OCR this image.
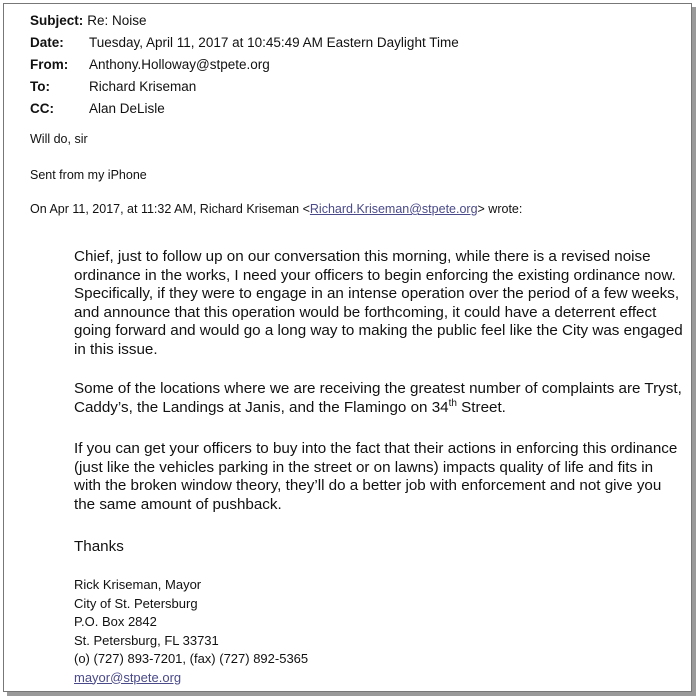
Subject: Re: Noise
Date: Tuesday, April 11, 2017 at 10:45:49 AM Eastern Daylight Time
From: Anthony.Holloway@stpete.org
To:	Richard Kriseman
CC:	Alan DeLisle
Will do, sir
Sent from my iPhone
On Apr 11, 2017, at 11:32 AM, Richard Kriseman <Richard.Kriseman@stpete.org> wrote:

Chief, just to follow up on our conversation this morning, while there is a revised noise ordinance in the works, I need your officers to begin enforcing the existing ordinance now. Specifically, if they were to engage in an intense operation over the period of a few weeks, and announce that this operation would be forthcoming, it could have a deterrent effect going forward and would go a long way to making the public feel like the City was engaged in this issue.

Some of the locations where we are receiving the greatest number of complaints are Tryst, Caddy’s, the Landings at Janis, and the Flamingo on 34th Street.

If you can get your officers to buy into the fact that their actions in enforcing this ordinance (just like the vehicles parking in the street or on lawns) impacts quality of life and fits in with the broken window theory, they’ll do a better job with enforcement and not give you the same amount of pushback.

Thanks

Rick Kriseman, Mayor
City of St. Petersburg
P.O. Box 2842
St. Petersburg, FL 33731
(o) (727) 893-7201, (fax) (727) 892-5365
mayor@stpete.org
